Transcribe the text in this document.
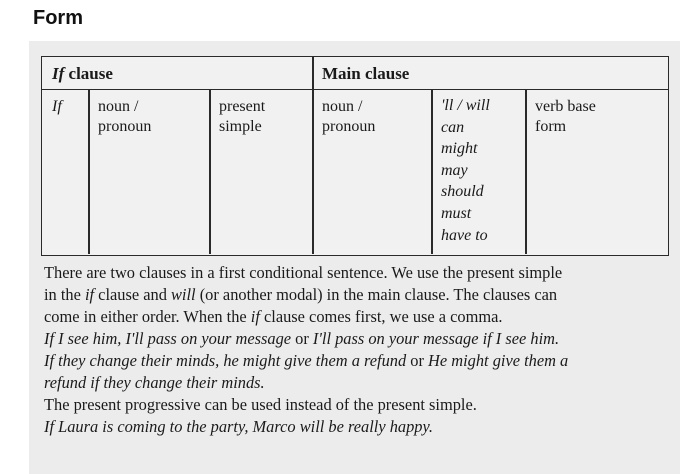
Form
If clause	Main clause
If noun /
pronoun
present
simple
noun /
pronoun
'll / will
can
might
may
should
must
have to
verb base
form

There are two clauses in a first conditional sentence. We use the present simple

in the if clause and will (or another modal) in the main clause. The clauses can

come in either order. When the if clause comes first, we use a comma.

If I see him, I'll pass on your message or I'll pass on your message if I see him.

If they change their minds, he might give them a refund or He might give them a

refund if they change their minds.

The present progressive can be used instead of the present simple.

If Laura is coming to the party, Marco will be really happy.
